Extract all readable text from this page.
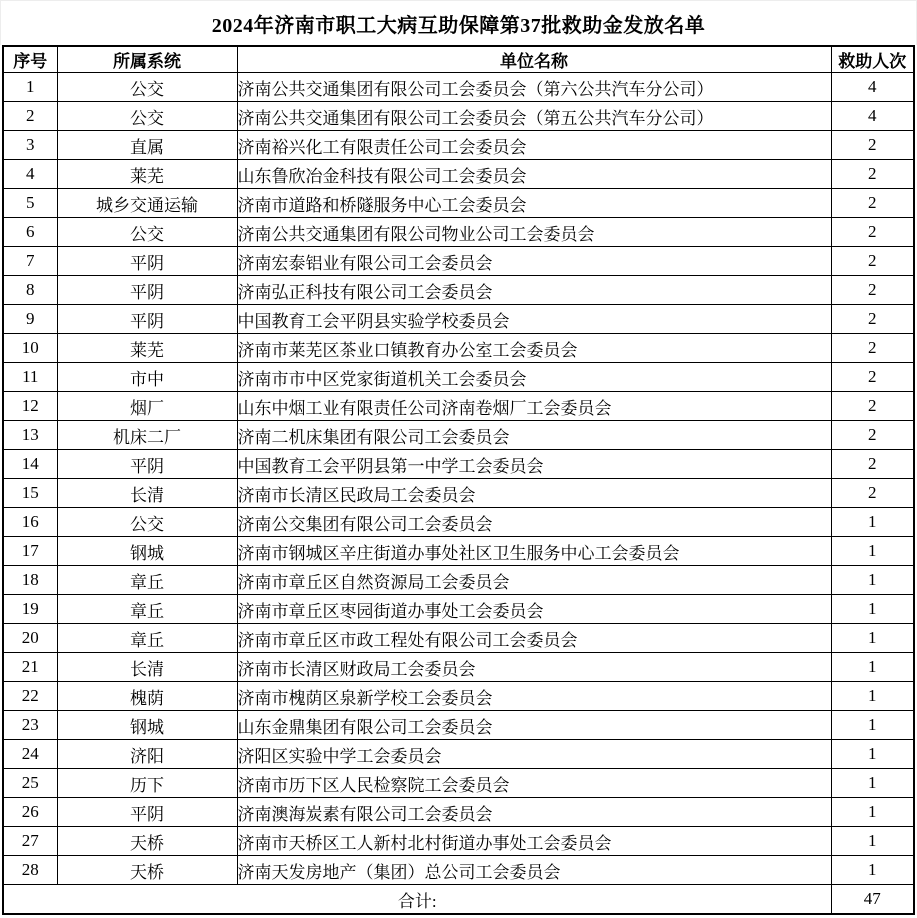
2024年济南市职工大病互助保障第37批救助金发放名单
序号	所属系统	单位名称	救助人次
1	公交	济南公共交通集团有限公司工会委员会（第六公共汽车分公司）	4
2	公交	济南公共交通集团有限公司工会委员会（第五公共汽车分公司）	4
3	直属	济南裕兴化工有限责任公司工会委员会	2
4	莱芜	山东鲁欣冶金科技有限公司工会委员会	2
5	城乡交通运输	济南市道路和桥隧服务中心工会委员会	2
6	公交	济南公共交通集团有限公司物业公司工会委员会	2
7	平阴	济南宏泰铝业有限公司工会委员会	2
8	平阴	济南弘正科技有限公司工会委员会	2
9	平阴	中国教育工会平阴县实验学校委员会	2
10	莱芜	济南市莱芜区茶业口镇教育办公室工会委员会	2
11	市中	济南市市中区党家街道机关工会委员会	2
12	烟厂	山东中烟工业有限责任公司济南卷烟厂工会委员会	2
13	机床二厂	济南二机床集团有限公司工会委员会	2
14	平阴	中国教育工会平阴县第一中学工会委员会	2
15	长清	济南市长清区民政局工会委员会	2
16	公交	济南公交集团有限公司工会委员会	1
17	钢城	济南市钢城区辛庄街道办事处社区卫生服务中心工会委员会	1
18	章丘	济南市章丘区自然资源局工会委员会	1
19	章丘	济南市章丘区枣园街道办事处工会委员会	1
20	章丘	济南市章丘区市政工程处有限公司工会委员会	1
21	长清	济南市长清区财政局工会委员会	1
22	槐荫	济南市槐荫区泉新学校工会委员会	1
23	钢城	山东金鼎集团有限公司工会委员会	1
24	济阳	济阳区实验中学工会委员会	1
25	历下	济南市历下区人民检察院工会委员会	1
26	平阴	济南澳海炭素有限公司工会委员会	1
27	天桥	济南市天桥区工人新村北村街道办事处工会委员会	1
28	天桥	济南天发房地产（集团）总公司工会委员会	1
合计:			47
